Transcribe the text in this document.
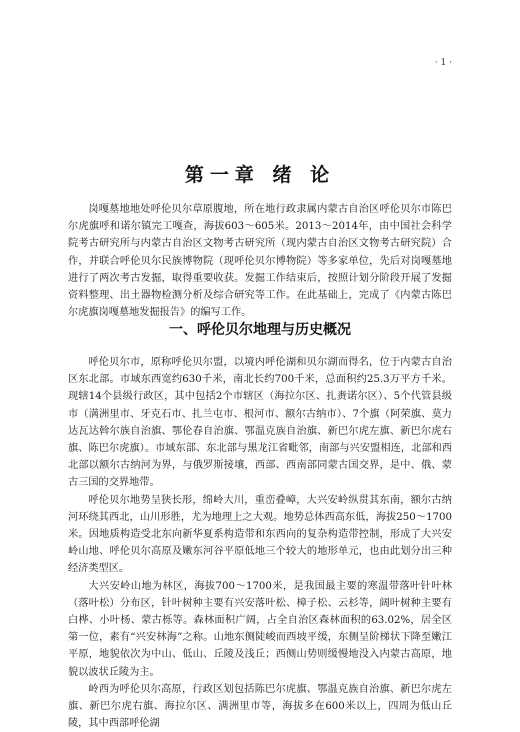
· 1 ·
第一章 绪 论

岗嘎墓地地处呼伦贝尔草原腹地，所在地行政隶属内蒙古自治区呼伦贝尔市陈巴尔虎旗呼和诺尔镇完工嘎查，海拔603～605米。2013～2014年，由中国社会科学院考古研究所与内蒙古自治区文物考古研究所（现内蒙古自治区文物考古研究院）合作，并联合呼伦贝尔民族博物院（现呼伦贝尔博物院）等多家单位，先后对岗嘎墓地进行了两次考古发掘，取得重要收获。发掘工作结束后，按照计划分阶段开展了发掘资料整理、出土器物检测分析及综合研究等工作。在此基础上，完成了《内蒙古陈巴尔虎旗岗嘎墓地发掘报告》的编写工作。

一、呼伦贝尔地理与历史概况

呼伦贝尔市，原称呼伦贝尔盟，以境内呼伦湖和贝尔湖而得名，位于内蒙古自治区东北部。市域东西宽约630千米，南北长约700千米，总面积约25.3万平方千米。现辖14个县级行政区，其中包括2个市辖区（海拉尔区、扎赉诺尔区）、5个代管县级市（满洲里市、牙克石市、扎兰屯市、根河市、额尔古纳市）、7个旗（阿荣旗、莫力达瓦达斡尔族自治旗、鄂伦春自治旗、鄂温克族自治旗、新巴尔虎左旗、新巴尔虎右旗、陈巴尔虎旗）。市域东部、东北部与黑龙江省毗邻，南部与兴安盟相连，北部和西北部以额尔古纳河为界，与俄罗斯接壤，西部、西南部同蒙古国交界，是中、俄、蒙古三国的交界地带。

呼伦贝尔地势呈狭长形，绵岭大川，重峦叠嶂，大兴安岭纵贯其东南，额尔古纳河环绕其西北，山川形胜，尤为地理上之大观。地势总体西高东低，海拔250～1700米。因地质构造受北东向新华夏系构造带和东西向的复杂构造带控制，形成了大兴安岭山地、呼伦贝尔高原及嫩东河谷平原低地三个较大的地形单元，也由此划分出三种经济类型区。

大兴安岭山地为林区，海拔700～1700米，是我国最主要的寒温带落叶针叶林（落叶松）分布区，针叶树种主要有兴安落叶松、樟子松、云杉等，阔叶树种主要有白桦、小叶杨、蒙古栎等。森林面积广阔，占全自治区森林面积的63.02%，居全区第一位，素有“兴安林海”之称。山地东侧陡峻而西坡平缓，东侧呈阶梯状下降至嫩江平原，地貌依次为中山、低山、丘陵及浅丘；西侧山势则缓慢地没入内蒙古高原，地貌以波状丘陵为主。

岭西为呼伦贝尔高原，行政区划包括陈巴尔虎旗、鄂温克族自治旗、新巴尔虎左旗、新巴尔虎右旗、海拉尔区、满洲里市等，海拔多在600米以上，四周为低山丘陵，其中西部呼伦湖
